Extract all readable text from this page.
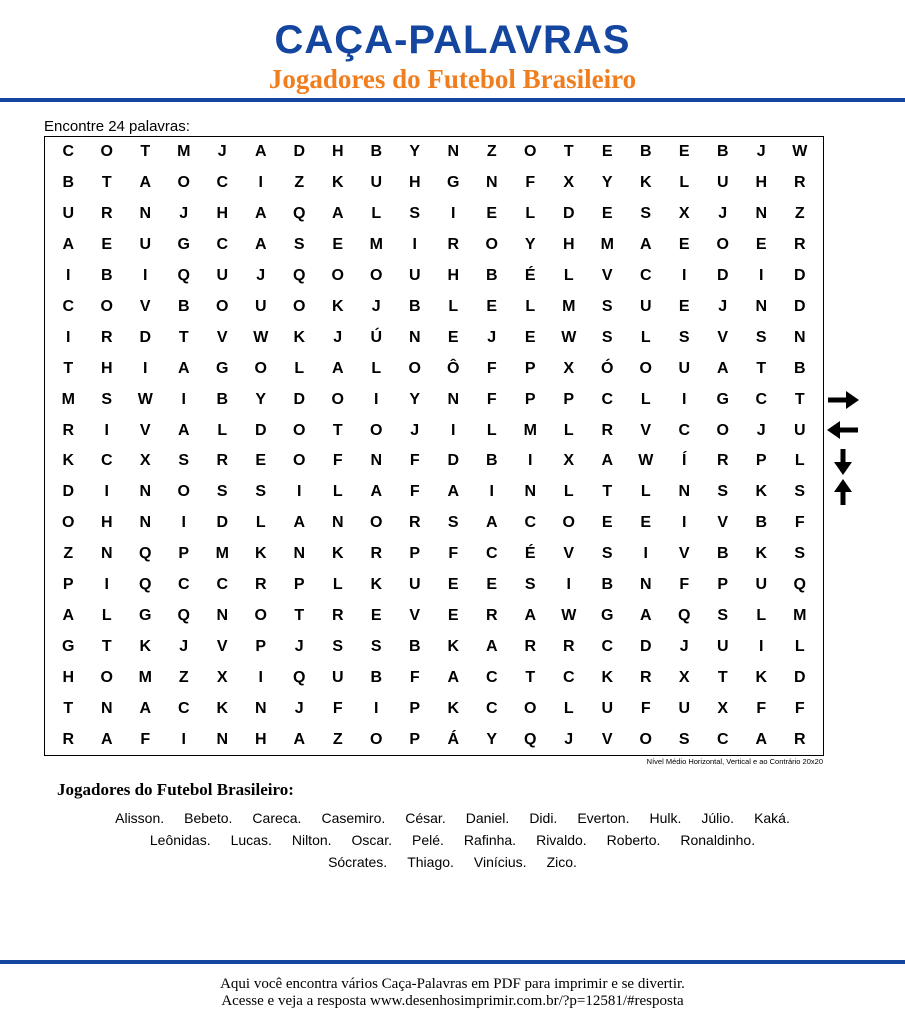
CAÇA-PALAVRAS
Jogadores do Futebol Brasileiro
Encontre 24 palavras:
C	O	T	M	J	A	D	H	B	Y	N	Z	O	T	E	B	E	B	J	W
B	T	A	O	C	I	Z	K	U	H	G	N	F	X	Y	K	L	U	H	R
U	R	N	J	H	A	Q	A	L	S	I	E	L	D	E	S	X	J	N	Z
A	E	U	G	C	A	S	E	M	I	R	O	Y	H	M	A	E	O	E	R
I	B	I	Q	U	J	Q	O	O	U	H	B	É	L	V	C	I	D	I	D
C	O	V	B	O	U	O	K	J	B	L	E	L	M	S	U	E	J	N	D
I	R	D	T	V	W	K	J	Ú	N	E	J	E	W	S	L	S	V	S	N
T	H	I	A	G	O	L	A	L	O	Ô	F	P	X	Ó	O	U	A	T	B
M	S	W	I	B	Y	D	O	I	Y	N	F	P	P	C	L	I	G	C	T
R	I	V	A	L	D	O	T	O	J	I	L	M	L	R	V	C	O	J	U
K	C	X	S	R	E	O	F	N	F	D	B	I	X	A	W	Í	R	P	L
D	I	N	O	S	S	I	L	A	F	A	I	N	L	T	L	N	S	K	S
O	H	N	I	D	L	A	N	O	R	S	A	C	O	E	E	I	V	B	F
Z	N	Q	P	M	K	N	K	R	P	F	C	É	V	S	I	V	B	K	S
P	I	Q	C	C	R	P	L	K	U	E	E	S	I	B	N	F	P	U	Q
A	L	G	Q	N	O	T	R	E	V	E	R	A	W	G	A	Q	S	L	M
G	T	K	J	V	P	J	S	S	B	K	A	R	R	C	D	J	U	I	L
H	O	M	Z	X	I	Q	U	B	F	A	C	T	C	K	R	X	T	K	D
T	N	A	C	K	N	J	F	I	P	K	C	O	L	U	F	U	X	F	F
R	A	F	I	N	H	A	Z	O	P	Á	Y	Q	J	V	O	S	C	A	R
Nível Médio Horizontal, Vertical e ao Contrário 20x20
Jogadores do Futebol Brasileiro:
Alisson. Bebeto. Careca. Casemiro. César. Daniel. Didi. Everton. Hulk. Júlio. Kaká.
Leônidas. Lucas. Nilton. Oscar. Pelé. Rafinha. Rivaldo. Roberto. Ronaldinho.
Sócrates. Thiago. Vinícius. Zico.
Aqui você encontra vários Caça-Palavras em PDF para imprimir e se divertir.
Acesse e veja a resposta www.desenhosimprimir.com.br/?p=12581/#resposta
